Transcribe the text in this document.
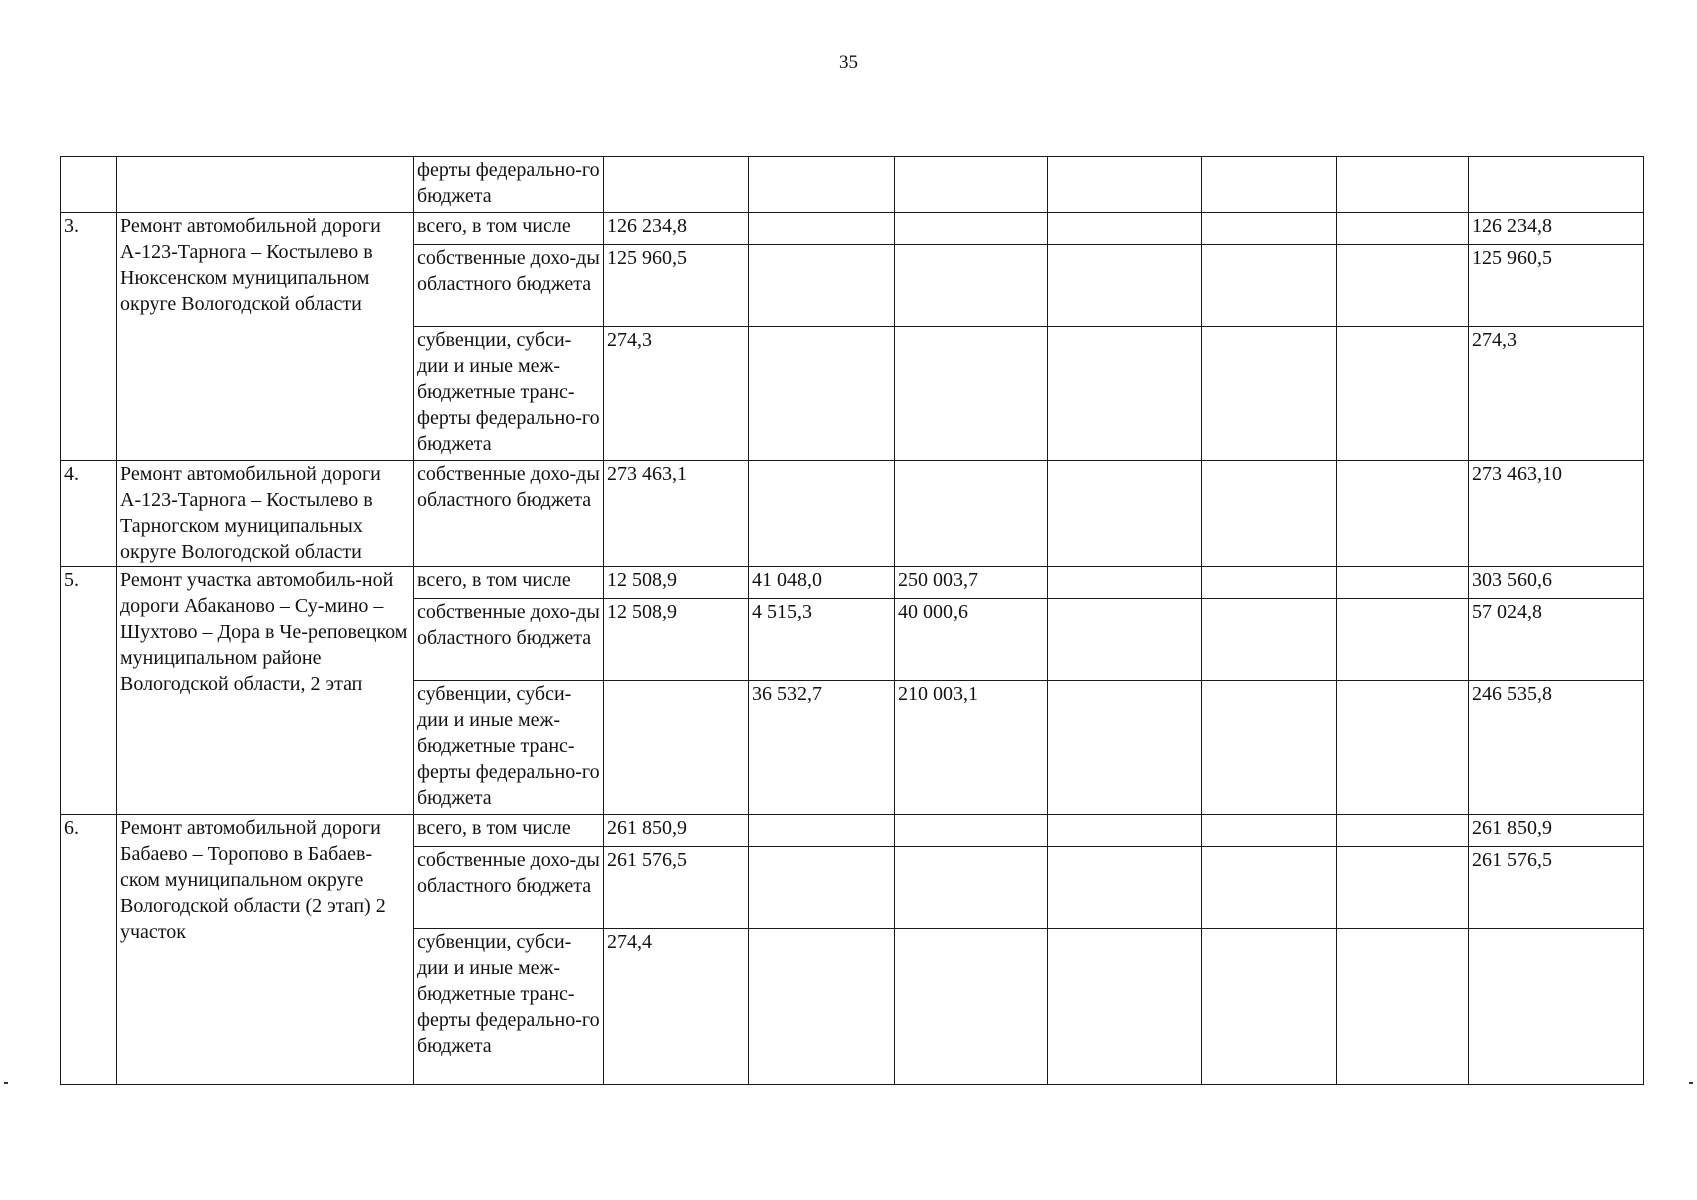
35
		ферты федерально-го бюджета							
3.	Ремонт автомобильной дороги А-123-Тарнога – Костылево в Нюксенском муниципальном округе Вологодской области	всего, в том числе	126 234,8						126 234,8
		собственные дохо-ды областного бюджета	125 960,5						125 960,5
		субвенции, субси-дии и иные меж-бюджетные транс-ферты федерально-го бюджета	274,3						274,3
4.	Ремонт автомобильной дороги А-123-Тарнога – Костылево в Тарногском муниципальных округе Вологодской области	собственные дохо-ды областного бюджета	273 463,1						273 463,10
5.	Ремонт участка автомобиль-ной дороги Абаканово – Су-мино – Шухтово – Дора в Че-реповецком муниципальном районе Вологодской области, 2 этап	всего, в том числе	12 508,9	41 048,0	250 003,7				303 560,6
		собственные дохо-ды областного бюджета	12 508,9	4 515,3	40 000,6				57 024,8
		субвенции, субси-дии и иные меж-бюджетные транс-ферты федерально-го бюджета		36 532,7	210 003,1				246 535,8
6.	Ремонт автомобильной дороги Бабаево – Торопово в Бабаев-ском муниципальном округе Вологодской области (2 этап) 2 участок	всего, в том числе	261 850,9						261 850,9
		собственные дохо-ды областного бюджета	261 576,5						261 576,5
		субвенции, субси-дии и иные меж-бюджетные транс-ферты федерально-го бюджета	274,4						
